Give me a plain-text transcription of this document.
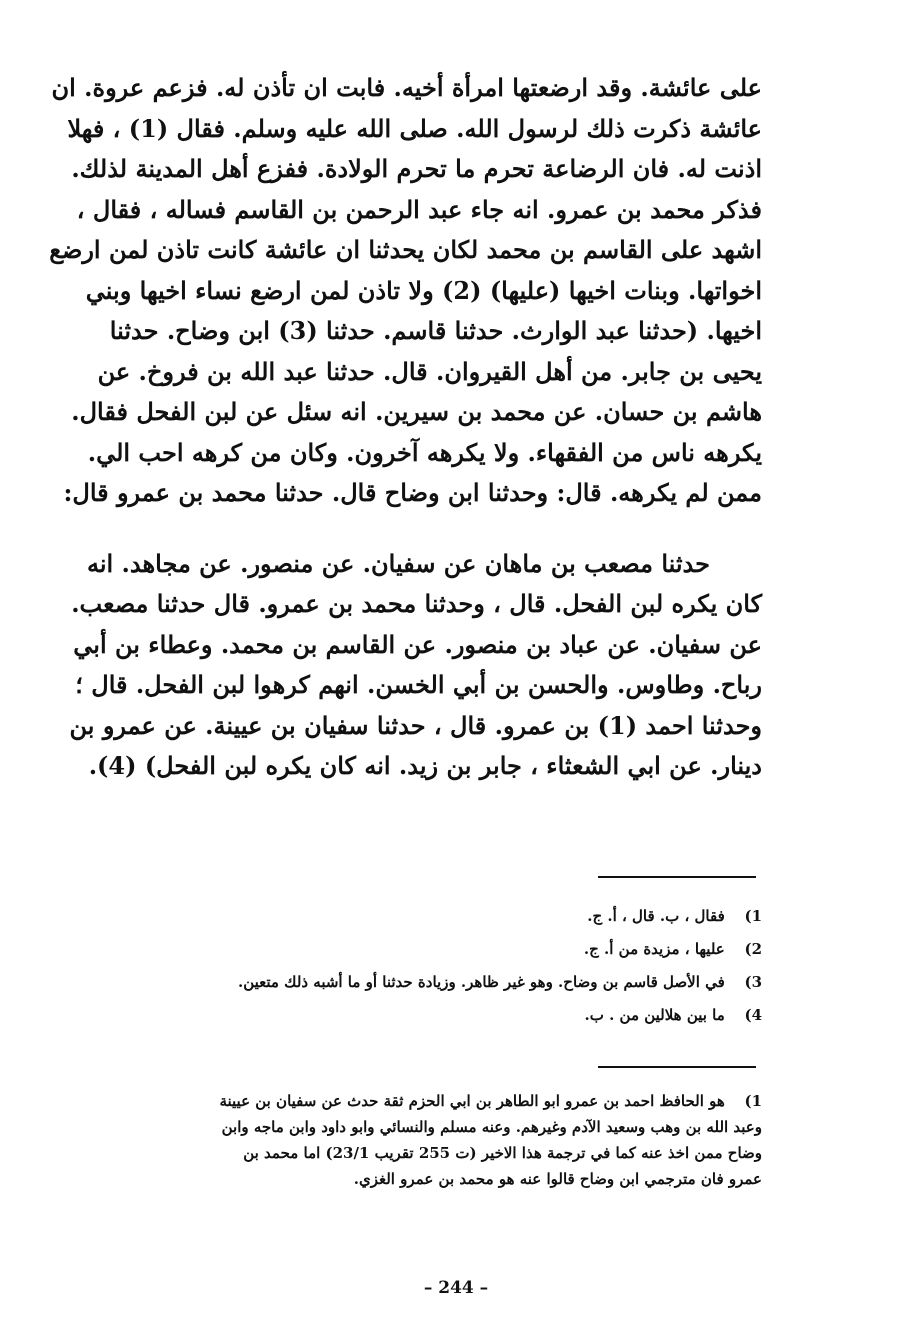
على عائشة. وقد ارضعتها امرأة أخيه. فابت ان تأذن له. فزعم عروة. ان
عائشة ذكرت ذلك لرسول الله. صلى الله عليه وسلم. فقال (1) ، فهلا
اذنت له. فان الرضاعة تحرم ما تحرم الولادة. ففزع أهل المدينة لذلك.
فذكر محمد بن عمرو. انه جاء عبد الرحمن بن القاسم فساله ، فقال ،
اشهد على القاسم بن محمد لكان يحدثنا ان عائشة كانت تاذن لمن ارضع
اخواتها. وبنات اخيها (عليها) (2) ولا تاذن لمن ارضع نساء اخيها وبني
اخيها. (حدثنا عبد الوارث. حدثنا قاسم. حدثنا (3) ابن وضاح. حدثنا
يحيى بن جابر. من أهل القيروان. قال. حدثنا عبد الله بن فروخ. عن
هاشم بن حسان. عن محمد بن سيرين. انه سئل عن لبن الفحل فقال.
يكرهه ناس من الفقهاء. ولا يكرهه آخرون. وكان من كرهه احب الي.
ممن لم يكرهه. قال: وحدثنا ابن وضاح قال. حدثنا محمد بن عمرو قال:
حدثنا مصعب بن ماهان عن سفيان. عن منصور. عن مجاهد. انه
كان يكره لبن الفحل. قال ، وحدثنا محمد بن عمرو. قال حدثنا مصعب.
عن سفيان. عن عباد بن منصور. عن القاسم بن محمد. وعطاء بن أبي
رباح. وطاوس. والحسن بن أبي الخسن. انهم كرهوا لبن الفحل. قال ؛
وحدثنا احمد (1) بن عمرو. قال ، حدثنا سفيان بن عيينة. عن عمرو بن
دينار. عن ابي الشعثاء ، جابر بن زيد. انه كان يكره لبن الفحل) (4).
1) فقال ، ب. قال ، أ. ج.
2) عليها ، مزيدة من أ. ج.
3) في الأصل قاسم بن وضاح. وهو غير ظاهر. وزيادة حدثنا أو ما أشبه ذلك متعين.
4) ما بين هلالين من . ب.
1) هو الحافظ احمد بن عمرو ابو الطاهر بن ابي الحزم ثقة حدث عن سفيان بن عيينة
وعبد الله بن وهب وسعيد الآدم وغيرهم. وعنه مسلم والنسائي وابو داود وابن ماجه وابن
وضاح ممن اخذ عنه كما في ترجمة هذا الاخير (ت 255 تقريب 23/1) اما محمد بن
عمرو فان مترجمي ابن وضاح قالوا عنه هو محمد بن عمرو الغزي.
– 244 –
